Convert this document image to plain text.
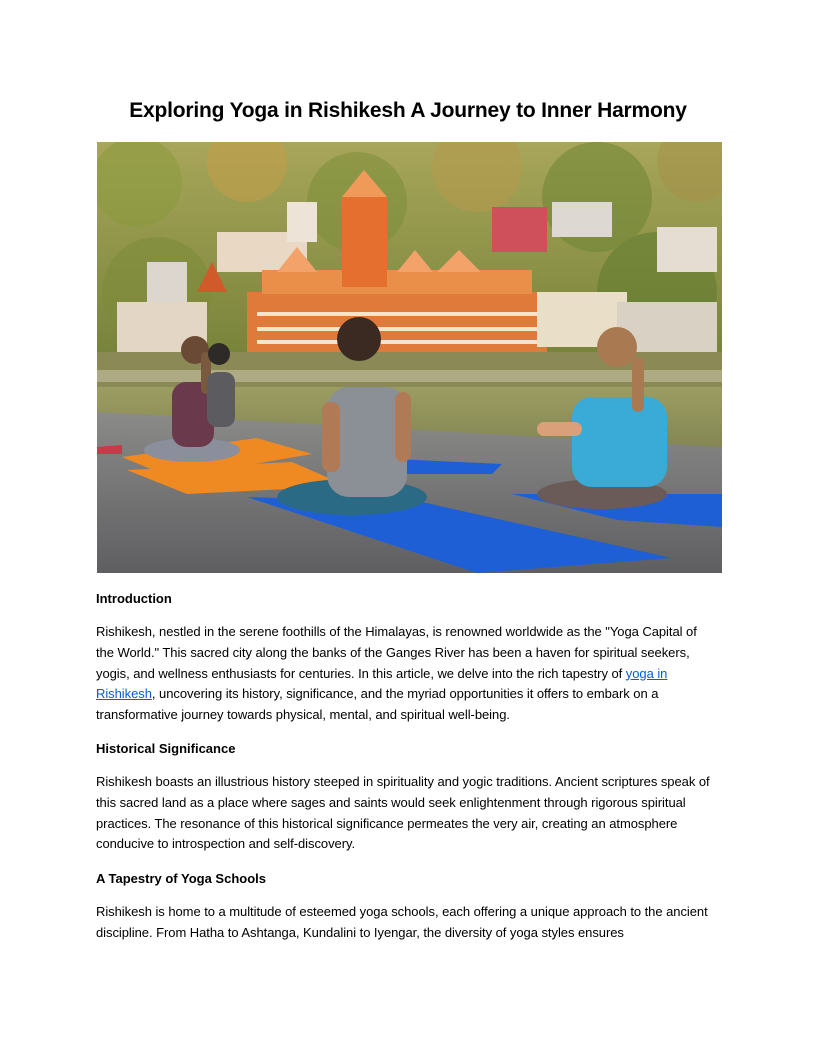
Exploring Yoga in Rishikesh A Journey to Inner Harmony
Introduction

Rishikesh, nestled in the serene foothills of the Himalayas, is renowned worldwide as the "Yoga Capital of the World." This sacred city along the banks of the Ganges River has been a haven for spiritual seekers, yogis, and wellness enthusiasts for centuries. In this article, we delve into the rich tapestry of yoga in Rishikesh, uncovering its history, significance, and the myriad opportunities it offers to embark on a transformative journey towards physical, mental, and spiritual well-being.

Historical Significance

Rishikesh boasts an illustrious history steeped in spirituality and yogic traditions. Ancient scriptures speak of this sacred land as a place where sages and saints would seek enlightenment through rigorous spiritual practices. The resonance of this historical significance permeates the very air, creating an atmosphere conducive to introspection and self-discovery.

A Tapestry of Yoga Schools

Rishikesh is home to a multitude of esteemed yoga schools, each offering a unique approach to the ancient discipline. From Hatha to Ashtanga, Kundalini to Iyengar, the diversity of yoga styles ensures
